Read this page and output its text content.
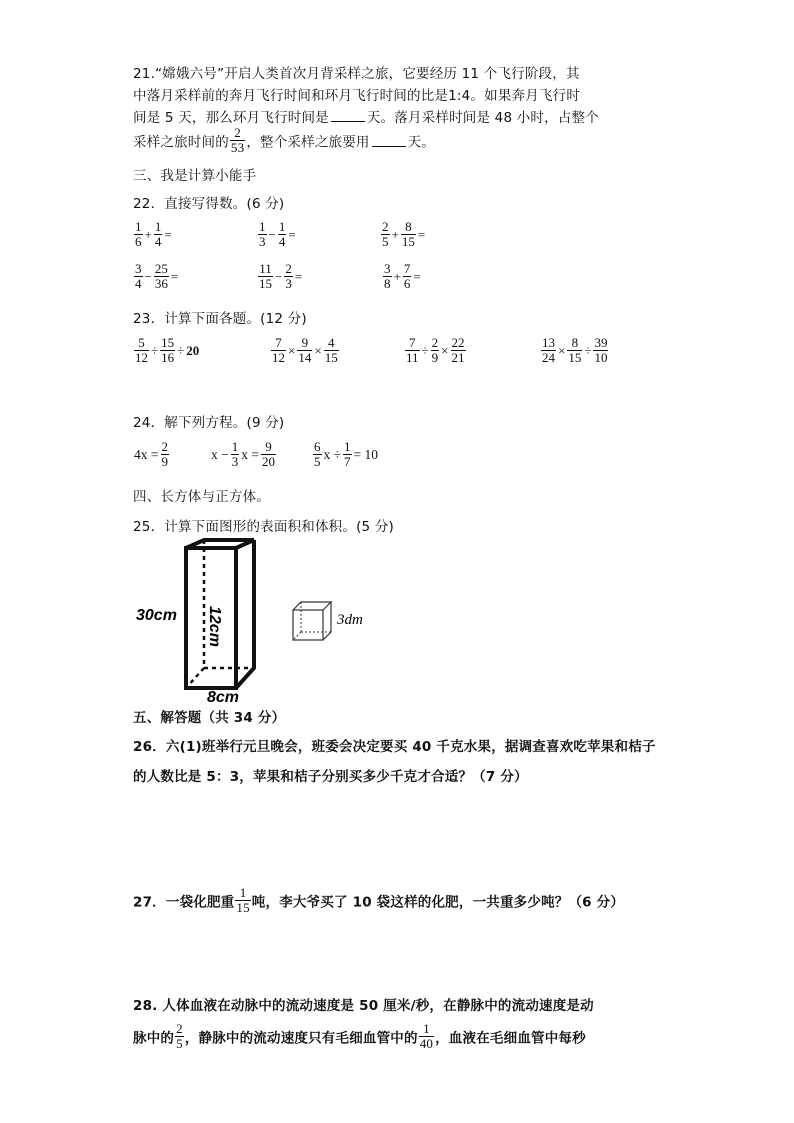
21.“嫦娥六号”开启人类首次月背采样之旅，它要经历 11 个飞行阶段，其
中落月采样前的奔月飞行时间和环月飞行时间的比是1:4。如果奔月飞行时
间是 5 天，那么环月飞行时间是	天。落月采样时间是 48 小时，占整个
采样之旅时间的 $\frac{2}{53}$ ，整个采样之旅要用	天。
三、我是计算小能手
22．直接写得数。(6 分)
$\frac{1}{6} + \frac{1}{4}$ =	$\frac{1}{3} - \frac{1}{4}$ =	$\frac{2}{5} + \frac{8}{15}$ =
$\frac{3}{4} - \frac{25}{36}$ =	$\frac{11}{15} - \frac{2}{3}$ =	$\frac{3}{8} + \frac{7}{6}$ =
23．计算下面各题。(12 分)
$\frac{5}{12} \div \frac{15}{16} \div 20$	$\frac{7}{12} \times \frac{9}{14} \times \frac{4}{15}$	$\frac{7}{11} \div \frac{2}{9} \times \frac{22}{21}$	$\frac{13}{24} \times \frac{8}{15} \div \frac{39}{10}$
24．解下列方程。(9 分)
$4x = \frac{2}{9}$	$x - \frac{1}{3}$ $x = \frac{9}{20}$	$\frac{6}{5}$ $x \div \frac{1}{7} = 10$
四、长方体与正方体。
25．计算下面图形的表面积和体积。(5 分)
30cm 12cm
8cm
3dm
五、解答题（共 34 分）
26．六(1)班举行元旦晚会，班委会决定要买 40 千克水果，据调查喜欢吃苹果和桔子
的人数比是 5：3，苹果和桔子分别买多少千克才合适？（7 分）
27．一袋化肥重 $\frac{1}{15}$ 吨，李大爷买了 10 袋这样的化肥，一共重多少吨？（6 分）
28. 人体血液在动脉中的流动速度是 50 厘米/秒，在静脉中的流动速度是动
脉中的 $\frac{2}{5}$ ，静脉中的流动速度只有毛细血管中的 $\frac{1}{40}$ ，血液在毛细血管中每秒
